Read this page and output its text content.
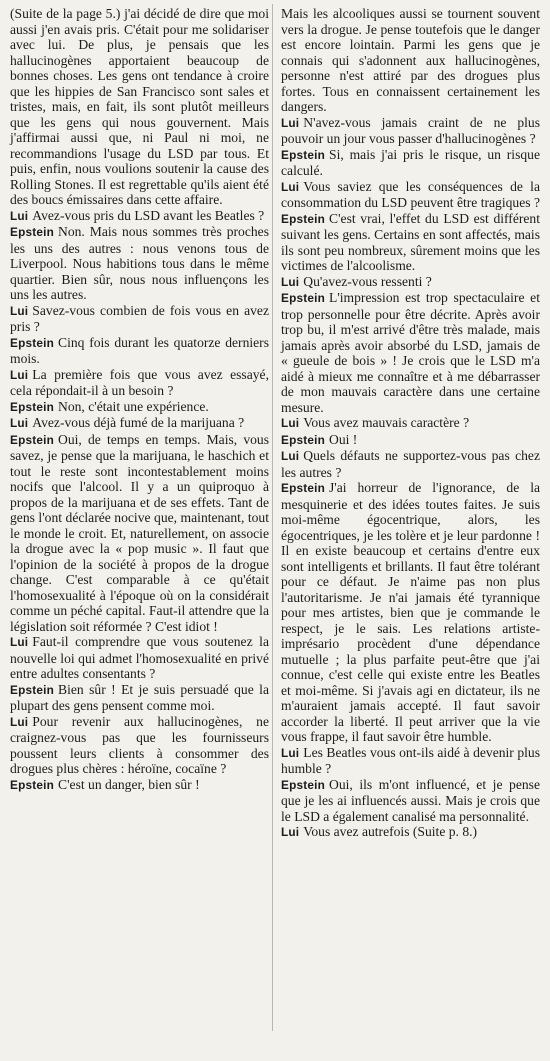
(Suite de la page 5.) j'ai décidé de dire que moi aussi j'en avais pris. C'était pour me solidariser avec lui. De plus, je pensais que les hallucinogènes apportaient beaucoup de bonnes choses. Les gens ont tendance à croire que les hippies de San Francisco sont sales et tristes, mais, en fait, ils sont plutôt meilleurs que les gens qui nous gouvernent. Mais j'affirmai aussi que, ni Paul ni moi, ne recommandions l'usage du LSD par tous. Et puis, enfin, nous voulions soutenir la cause des Rolling Stones. Il est regrettable qu'ils aient été des boucs émissaires dans cette affaire.

Lui Avez-vous pris du LSD avant les Beatles ?

Epstein Non. Mais nous sommes très proches les uns des autres : nous venons tous de Liverpool. Nous habitions tous dans le même quartier. Bien sûr, nous nous influençons les uns les autres.

Lui Savez-vous combien de fois vous en avez pris ?

Epstein Cinq fois durant les quatorze derniers mois.

Lui La première fois que vous avez essayé, cela répondait-il à un besoin ?

Epstein Non, c'était une expérience.

Lui Avez-vous déjà fumé de la marijuana ?

Epstein Oui, de temps en temps. Mais, vous savez, je pense que la marijuana, le haschich et tout le reste sont incontestablement moins nocifs que l'alcool. Il y a un quiproquo à propos de la marijuana et de ses effets. Tant de gens l'ont déclarée nocive que, maintenant, tout le monde le croit. Et, naturellement, on associe la drogue avec la « pop music ». Il faut que l'opinion de la société à propos de la drogue change. C'est comparable à ce qu'était l'homosexualité à l'époque où on la considérait comme un péché capital. Faut-il attendre que la législation soit réformée ? C'est idiot !

Lui Faut-il comprendre que vous soutenez la nouvelle loi qui admet l'homosexualité en privé entre adultes consentants ?

Epstein Bien sûr ! Et je suis persuadé que la plupart des gens pensent comme moi.

Lui Pour revenir aux hallucinogènes, ne craignez-vous pas que les fournisseurs poussent leurs clients à consommer des drogues plus chères : héroïne, cocaïne ?

Epstein C'est un danger, bien sûr !

Mais les alcooliques aussi se tournent souvent vers la drogue. Je pense toutefois que le danger est encore lointain. Parmi les gens que je connais qui s'adonnent aux hallucinogènes, personne n'est attiré par des drogues plus fortes. Tous en connaissent certainement les dangers.

Lui N'avez-vous jamais craint de ne plus pouvoir un jour vous passer d'hallucinogènes ?

Epstein Si, mais j'ai pris le risque, un risque calculé.

Lui Vous saviez que les conséquences de la consommation du LSD peuvent être tragiques ?

Epstein C'est vrai, l'effet du LSD est différent suivant les gens. Certains en sont affectés, mais ils sont peu nombreux, sûrement moins que les victimes de l'alcoolisme.

Lui Qu'avez-vous ressenti ?

Epstein L'impression est trop spectaculaire et trop personnelle pour être décrite. Après avoir trop bu, il m'est arrivé d'être très malade, mais jamais après avoir absorbé du LSD, jamais de « gueule de bois » ! Je crois que le LSD m'a aidé à mieux me connaître et à me débarrasser de mon mauvais caractère dans une certaine mesure.

Lui Vous avez mauvais caractère ?

Epstein Oui !

Lui Quels défauts ne supportez-vous pas chez les autres ?

Epstein J'ai horreur de l'ignorance, de la mesquinerie et des idées toutes faites. Je suis moi-même égocentrique, alors, les égocentriques, je les tolère et je leur pardonne ! Il en existe beaucoup et certains d'entre eux sont intelligents et brillants. Il faut être tolérant pour ce défaut. Je n'aime pas non plus l'autoritarisme. Je n'ai jamais été tyrannique pour mes artistes, bien que je commande le respect, je le sais. Les relations artiste-imprésario procèdent d'une dépendance mutuelle ; la plus parfaite peut-être que j'ai connue, c'est celle qui existe entre les Beatles et moi-même. Si j'avais agi en dictateur, ils ne m'auraient jamais accepté. Il faut savoir accorder la liberté. Il peut arriver que la vie vous frappe, il faut savoir être humble.

Lui Les Beatles vous ont-ils aidé à devenir plus humble ?

Epstein Oui, ils m'ont influencé, et je pense que je les ai influencés aussi. Mais je crois que le LSD a également canalisé ma personnalité.

Lui Vous avez autrefois (Suite p. 8.)
